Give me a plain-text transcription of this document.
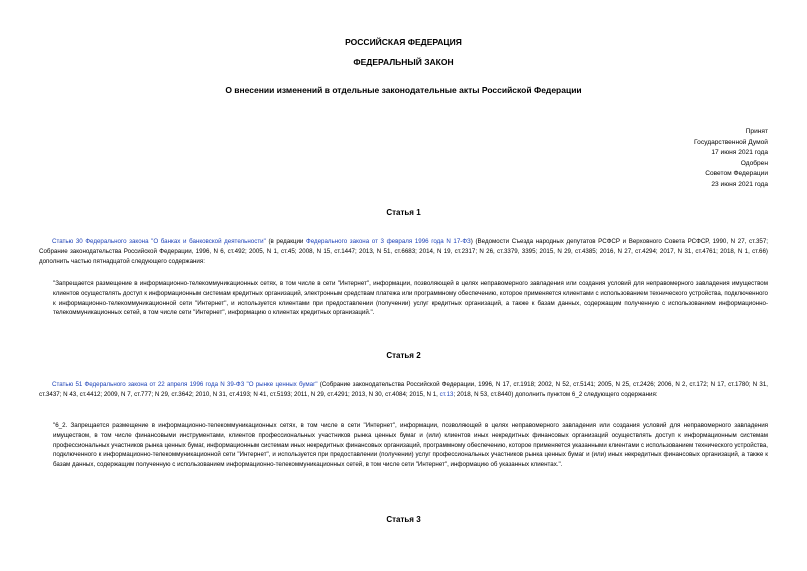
РОССИЙСКАЯ ФЕДЕРАЦИЯ
ФЕДЕРАЛЬНЫЙ ЗАКОН
О внесении изменений в отдельные законодательные акты Российской Федерации
Принят
Государственной Думой
17 июня 2021 года
Одобрен
Советом Федерации
23 июня 2021 года
Статья 1
Статью 30 Федерального закона "О банках и банковской деятельности" (в редакции Федерального закона от 3 февраля 1996 года N 17-ФЗ) (Ведомости Съезда народных депутатов РСФСР и Верховного Совета РСФСР, 1990, N 27, ст.357; Собрание законодательства Российской Федерации, 1996, N 6, ст.492; 2005, N 1, ст.45; 2008, N 15, ст.1447; 2013, N 51, ст.6683; 2014, N 19, ст.2317; N 26, ст.3379, 3395; 2015, N 29, ст.4385; 2016, N 27, ст.4294; 2017, N 31, ст.4761; 2018, N 1, ст.66) дополнить частью пятнадцатой следующего содержания:
"Запрещается размещение в информационно-телекоммуникационных сетях, в том числе в сети "Интернет", информации, позволяющей в целях неправомерного завладения или создания условий для неправомерного завладения имуществом клиентов осуществлять доступ к информационным системам кредитных организаций, электронным средствам платежа или программному обеспечению, которое применяется клиентами с использованием технического устройства, подключенного к информационно-телекоммуникационной сети "Интернет", и используется клиентами при предоставлении (получении) услуг кредитных организаций, а также к базам данных, содержащим полученную с использованием информационно-телекоммуникационных сетей, в том числе сети "Интернет", информацию о клиентах кредитных организаций.".
Статья 2
Статью 51 Федерального закона от 22 апреля 1996 года N 39-ФЗ "О рынке ценных бумаг" (Собрание законодательства Российской Федерации, 1996, N 17, ст.1918; 2002, N 52, ст.5141; 2005, N 25, ст.2426; 2006, N 2, ст.172; N 17, ст.1780; N 31, ст.3437; N 43, ст.4412; 2009, N 7, ст.777; N 29, ст.3642; 2010, N 31, ст.4193; N 41, ст.5193; 2011, N 29, ст.4291; 2013, N 30, ст.4084; 2015, N 1, ст.13; 2018, N 53, ст.8440) дополнить пунктом 6_2 следующего содержания:
"6_2. Запрещается размещение в информационно-телекоммуникационных сетях, в том числе в сети "Интернет", информации, позволяющей в целях неправомерного завладения или создания условий для неправомерного завладения имуществом, в том числе финансовыми инструментами, клиентов профессиональных участников рынка ценных бумаг и (или) клиентов иных некредитных финансовых организаций осуществлять доступ к информационным системам профессиональных участников рынка ценных бумаг, информационным системам иных некредитных финансовых организаций, программному обеспечению, которое применяется указанными клиентами с использованием технического устройства, подключенного к информационно-телекоммуникационной сети "Интернет", и используется при предоставлении (получении) услуг профессиональных участников рынка ценных бумаг и (или) иных некредитных финансовых организаций, а также к базам данных, содержащим полученную с использованием информационно-телекоммуникационных сетей, в том числе сети "Интернет", информацию об указанных клиентах.".
Статья 3
